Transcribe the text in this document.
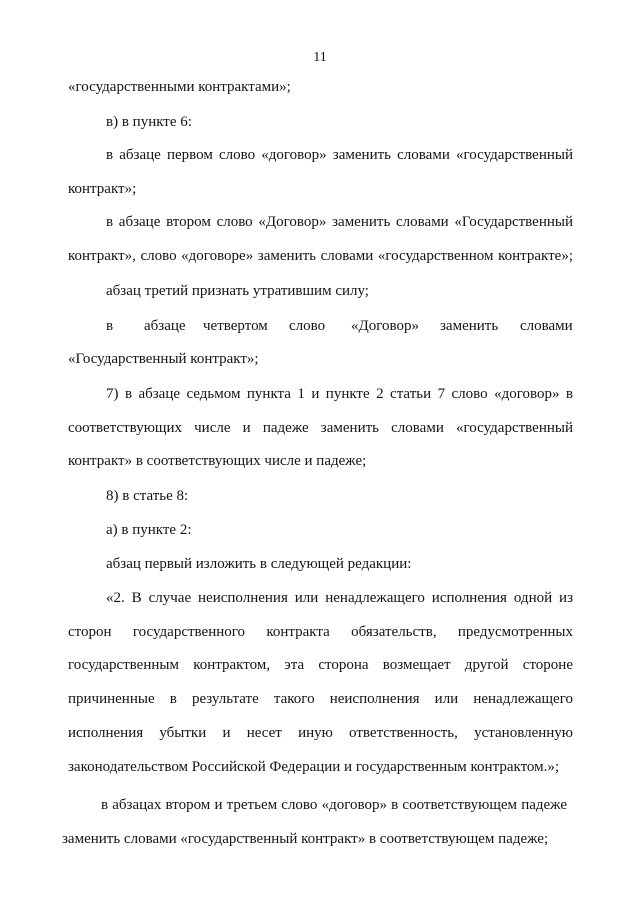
11
«государственными контрактами»;
в) в пункте 6:
в абзаце первом слово «договор» заменить словами «государственный
контракт»;
в абзаце втором слово «Договор» заменить словами «Государственный
контракт», слово «договоре» заменить словами «государственном контракте»;
абзац третий признать утратившим силу;
в абзаце четвертом слово «Договор» заменить словами
«Государственный контракт»;
7) в абзаце седьмом пункта 1 и пункте 2 статьи 7 слово «договор» в
соответствующих числе и падеже заменить словами «государственный
контракт» в соответствующих числе и падеже;
8) в статье 8:
а) в пункте 2:
абзац первый изложить в следующей редакции:
«2. В случае неисполнения или ненадлежащего исполнения одной из
сторон государственного контракта обязательств, предусмотренных
государственным контрактом, эта сторона возмещает другой стороне
причиненные в результате такого неисполнения или ненадлежащего
исполнения убытки и несет иную ответственность, установленную
законодательством Российской Федерации и государственным контрактом.»;
в абзацах втором и третьем слово «договор» в соответствующем падеже
заменить словами «государственный контракт» в соответствующем падеже;
